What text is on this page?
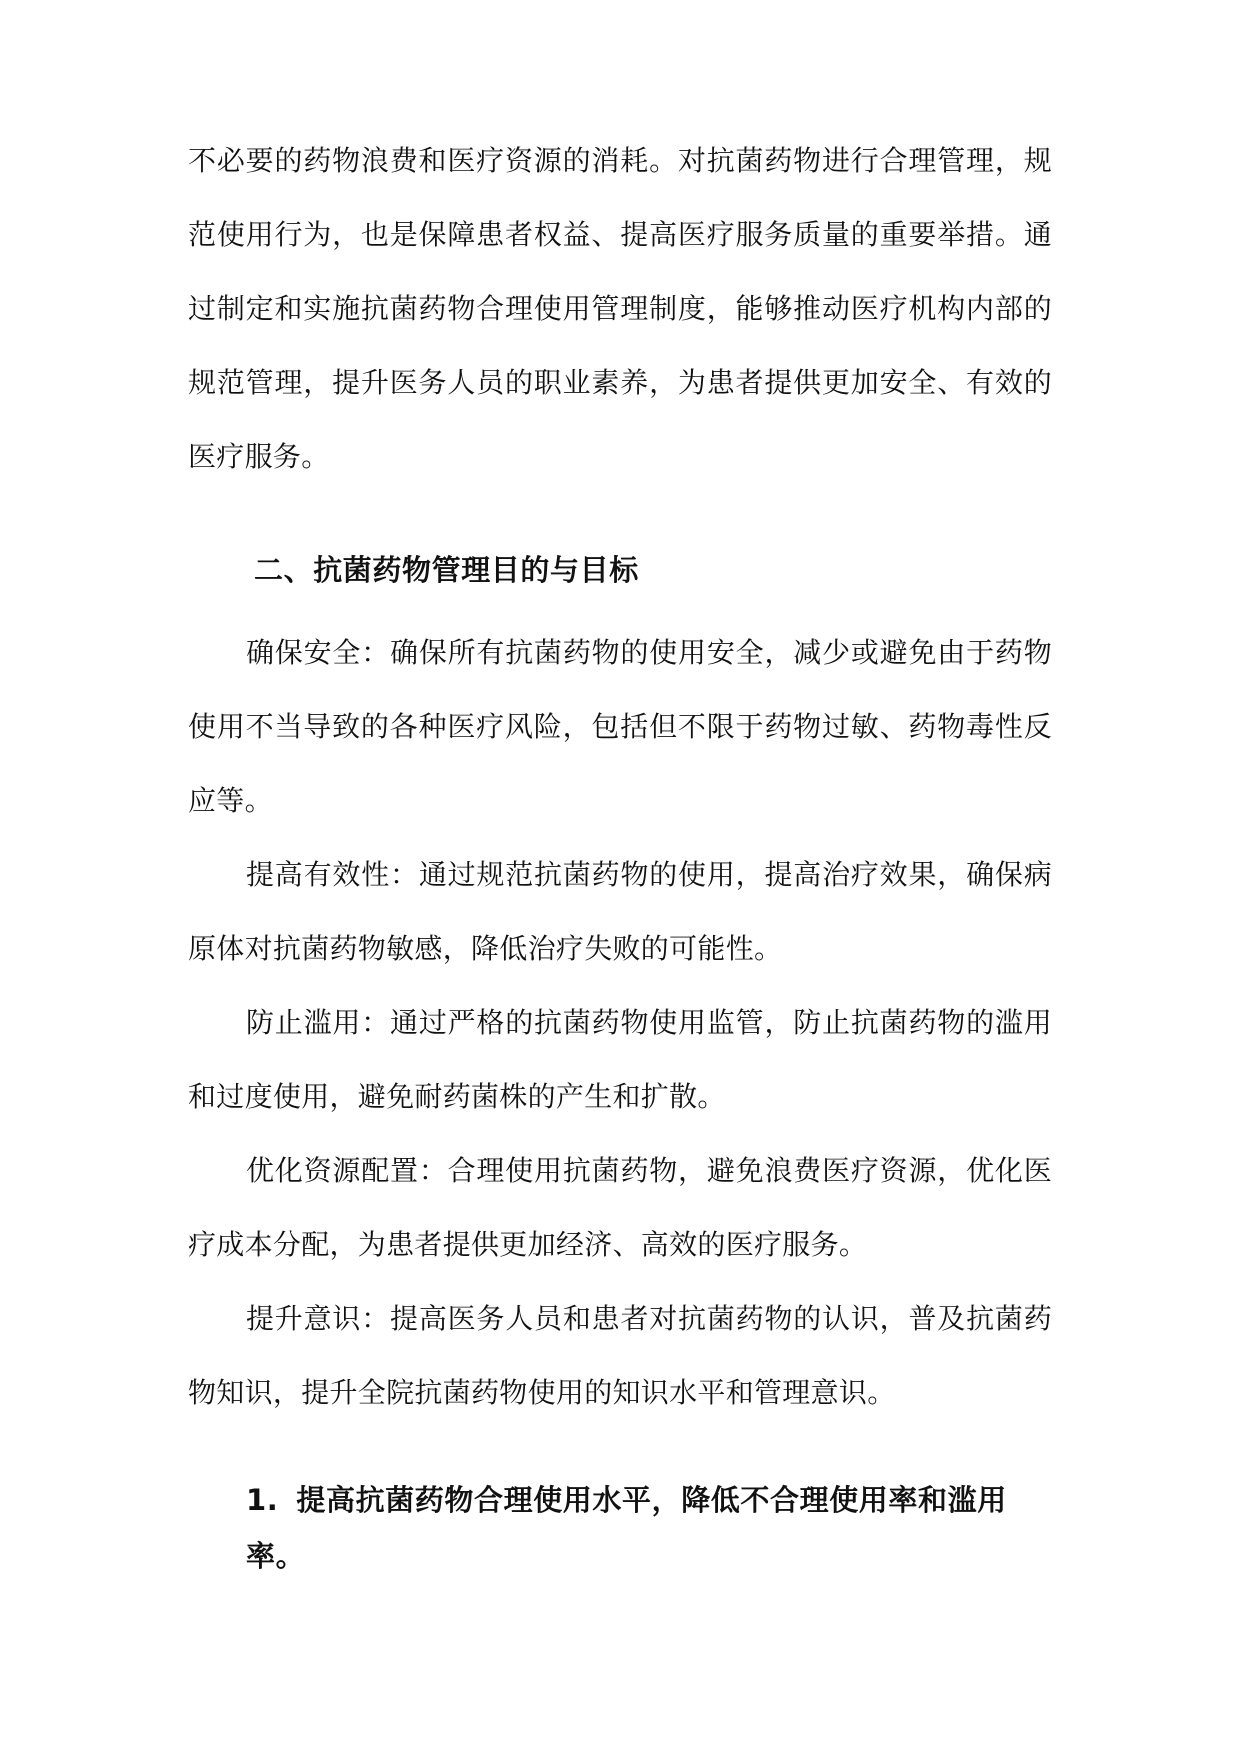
不必要的药物浪费和医疗资源的消耗。对抗菌药物进行合理管理，规范使用行为，也是保障患者权益、提高医疗服务质量的重要举措。通过制定和实施抗菌药物合理使用管理制度，能够推动医疗机构内部的规范管理，提升医务人员的职业素养，为患者提供更加安全、有效的医疗服务。

二、抗菌药物管理目的与目标

确保安全：确保所有抗菌药物的使用安全，减少或避免由于药物使用不当导致的各种医疗风险，包括但不限于药物过敏、药物毒性反应等。

提高有效性：通过规范抗菌药物的使用，提高治疗效果，确保病原体对抗菌药物敏感，降低治疗失败的可能性。

防止滥用：通过严格的抗菌药物使用监管，防止抗菌药物的滥用和过度使用，避免耐药菌株的产生和扩散。

优化资源配置：合理使用抗菌药物，避免浪费医疗资源，优化医疗成本分配，为患者提供更加经济、高效的医疗服务。

提升意识：提高医务人员和患者对抗菌药物的认识，普及抗菌药物知识，提升全院抗菌药物使用的知识水平和管理意识。

1. 提高抗菌药物合理使用水平，降低不合理使用率和滥用率。
